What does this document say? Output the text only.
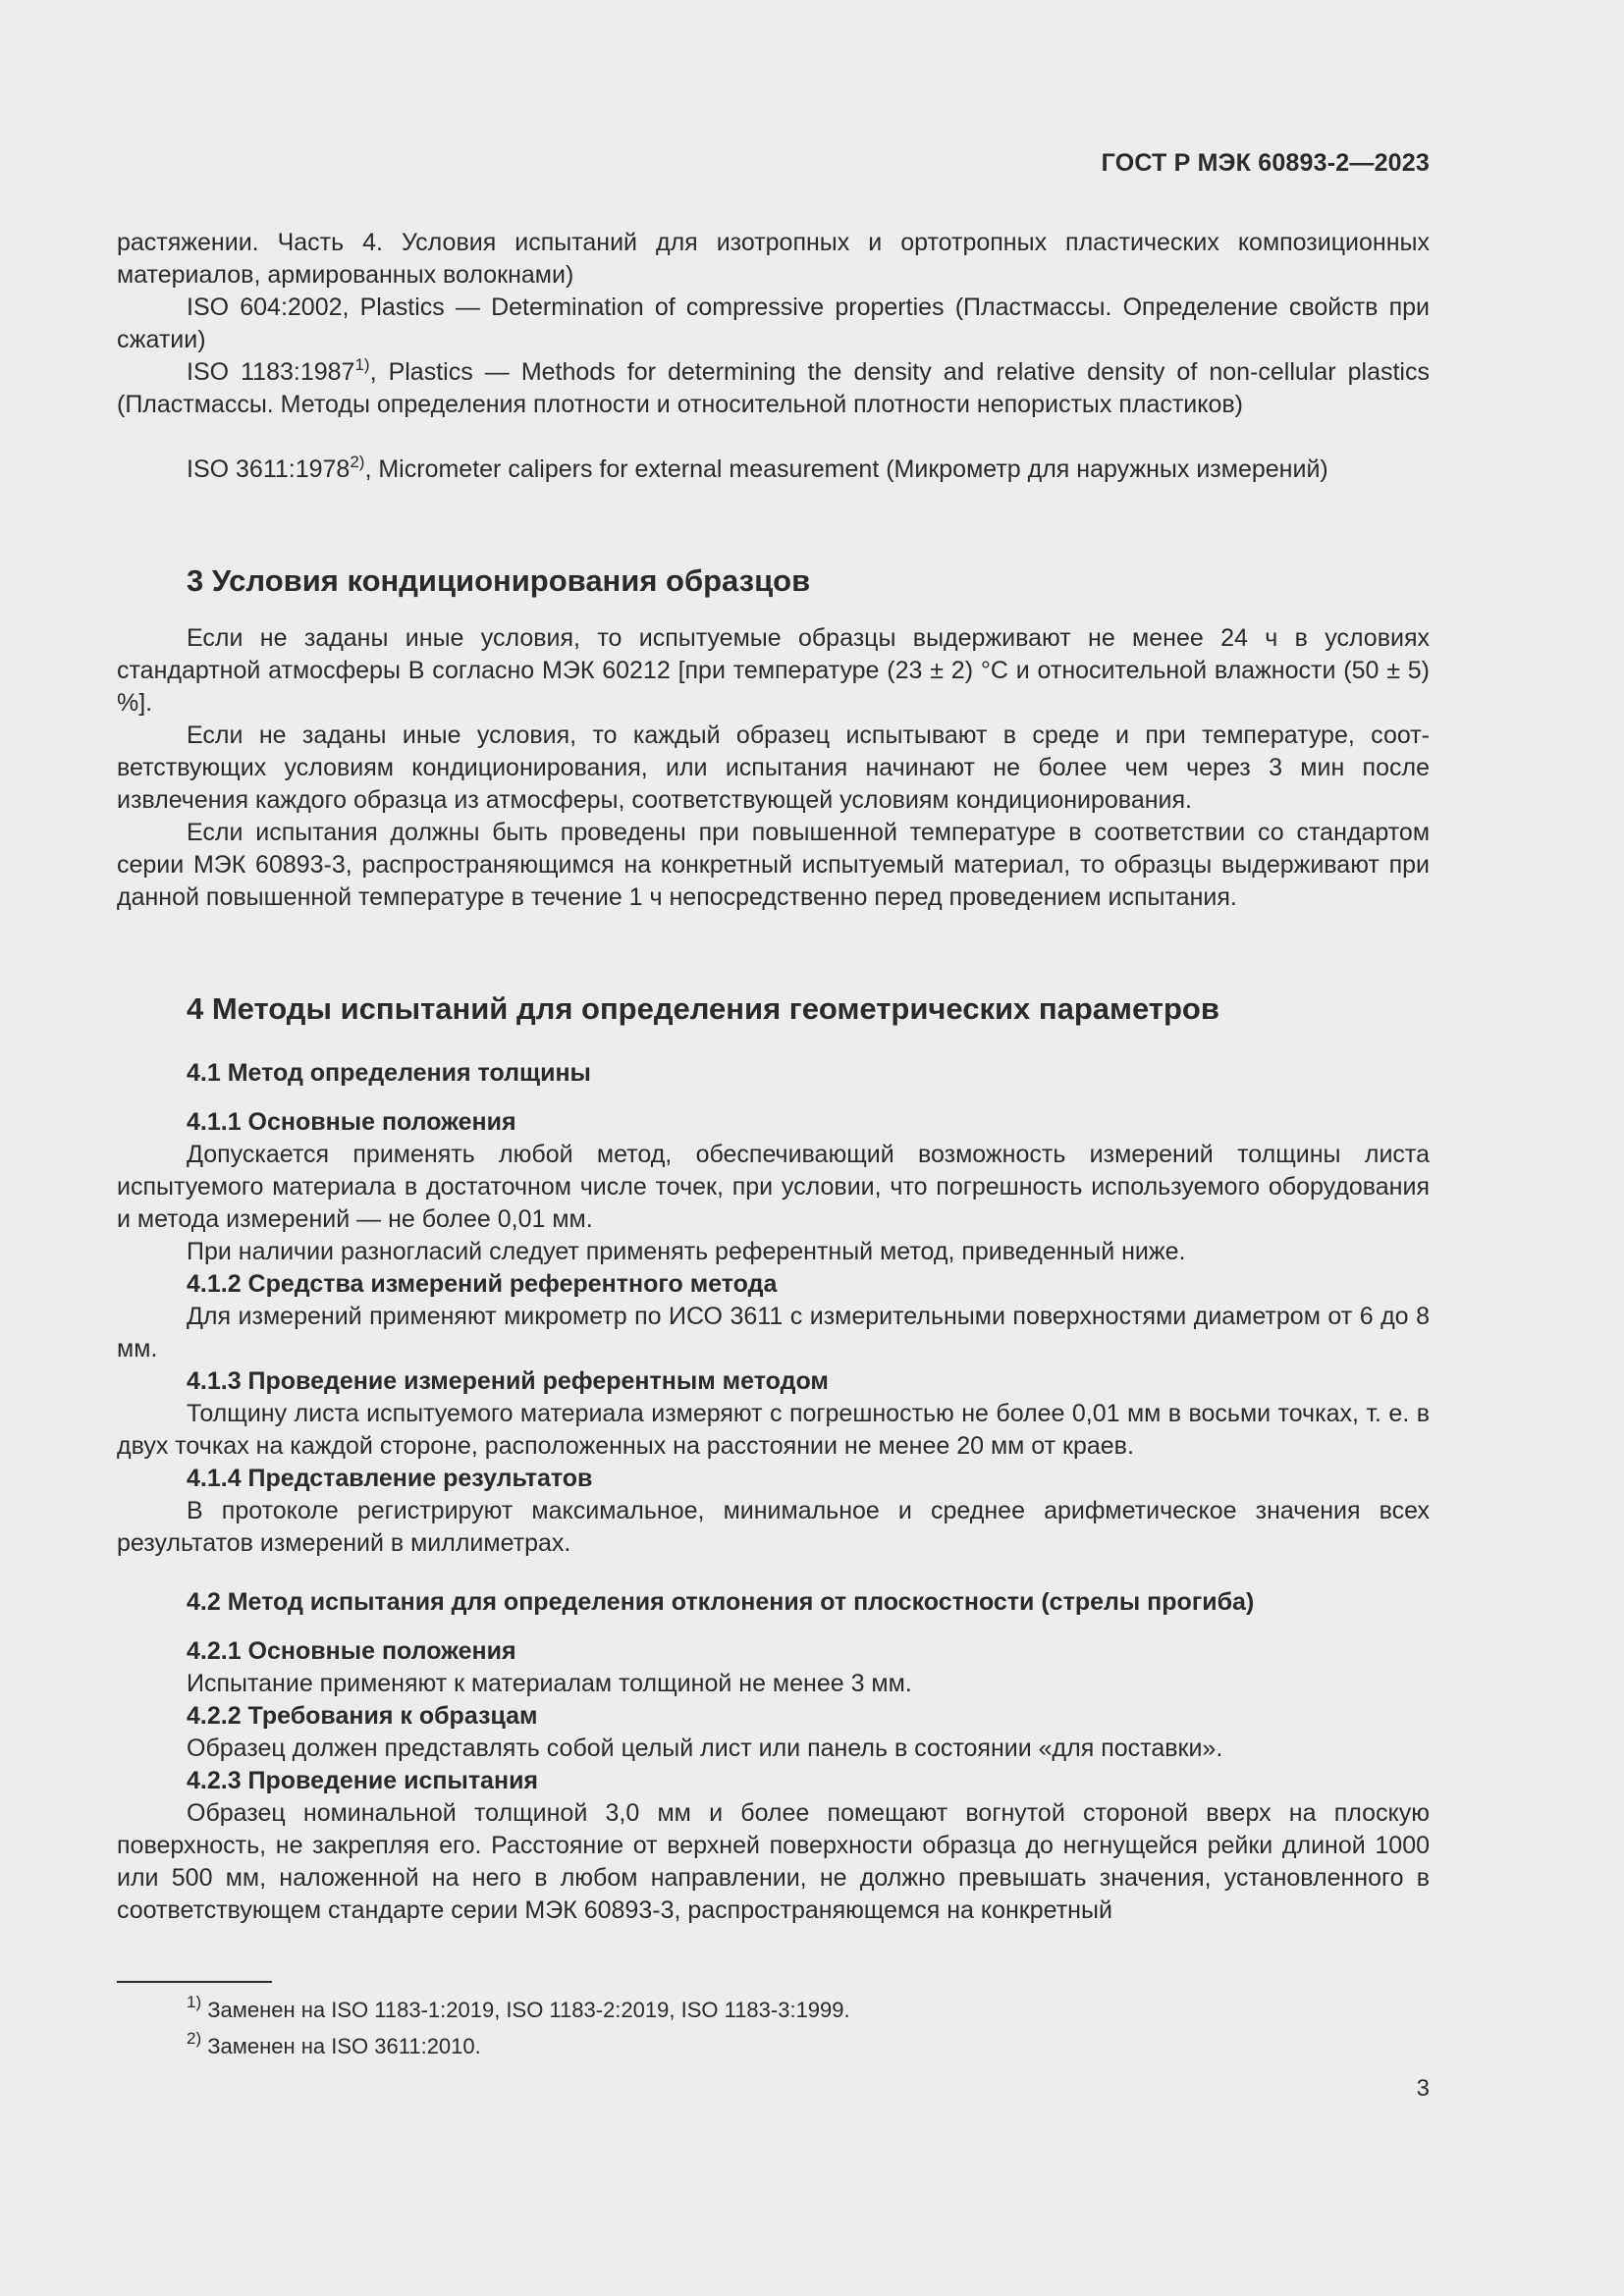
ГОСТ Р МЭК 60893-2—2023

растяжении. Часть 4. Условия испытаний для изотропных и ортотропных пластических композиционных материалов, армированных волокнами)

ISO 604:2002, Plastics — Determination of compressive properties (Пластмассы. Определение свойств при сжатии)

ISO 1183:1987$^{1)}$, Plastics — Methods for determining the density and relative density of non-cellular plastics (Пластмассы. Методы определения плотности и относительной плотности непористых пластиков)

ISO 3611:1978$^{2)}$, Micrometer calipers for external measurement (Микрометр для наружных измерений)

3 Условия кондиционирования образцов

Если не заданы иные условия, то испытуемые образцы выдерживают не менее 24 ч в условиях стандартной атмосферы В согласно МЭК 60212 [при температуре (23 ± 2) °С и относительной влажности (50 ± 5) %].

Если не заданы иные условия, то каждый образец испытывают в среде и при температуре, соответствующих условиям кондиционирования, или испытания начинают не более чем через 3 мин после извлечения каждого образца из атмосферы, соответствующей условиям кондиционирования.

Если испытания должны быть проведены при повышенной температуре в соответствии со стандартом серии МЭК 60893-3, распространяющимся на конкретный испытуемый материал, то образцы выдерживают при данной повышенной температуре в течение 1 ч непосредственно перед проведением испытания.

4 Методы испытаний для определения геометрических параметров
4.1 Метод определения толщины

4.1.1 Основные положения

Допускается применять любой метод, обеспечивающий возможность измерений толщины листа испытуемого материала в достаточном числе точек, при условии, что погрешность используемого оборудования и метода измерений — не более 0,01 мм.

При наличии разногласий следует применять референтный метод, приведенный ниже.

4.1.2 Средства измерений референтного метода

Для измерений применяют микрометр по ИСО 3611 с измерительными поверхностями диаметром от 6 до 8 мм.

4.1.3 Проведение измерений референтным методом

Толщину листа испытуемого материала измеряют с погрешностью не более 0,01 мм в восьми точках, т. е. в двух точках на каждой стороне, расположенных на расстоянии не менее 20 мм от краев.

4.1.4 Представление результатов

В протоколе регистрируют максимальное, минимальное и среднее арифметическое значения всех результатов измерений в миллиметрах.

4.2 Метод испытания для определения отклонения от плоскостности (стрелы прогиба)

4.2.1 Основные положения

Испытание применяют к материалам толщиной не менее 3 мм.

4.2.2 Требования к образцам

Образец должен представлять собой целый лист или панель в состоянии «для поставки».

4.2.3 Проведение испытания

Образец номинальной толщиной 3,0 мм и более помещают вогнутой стороной вверх на плоскую поверхность, не закрепляя его. Расстояние от верхней поверхности образца до негнущейся рейки длиной 1000 или 500 мм, наложенной на него в любом направлении, не должно превышать значения, установленного в соответствующем стандарте серии МЭК 60893-3, распространяющемся на конкретный

$^{1)}$ Заменен на ISO 1183-1:2019, ISO 1183-2:2019, ISO 1183-3:1999.
$^{2)}$ Заменен на ISO 3611:2010.
3
